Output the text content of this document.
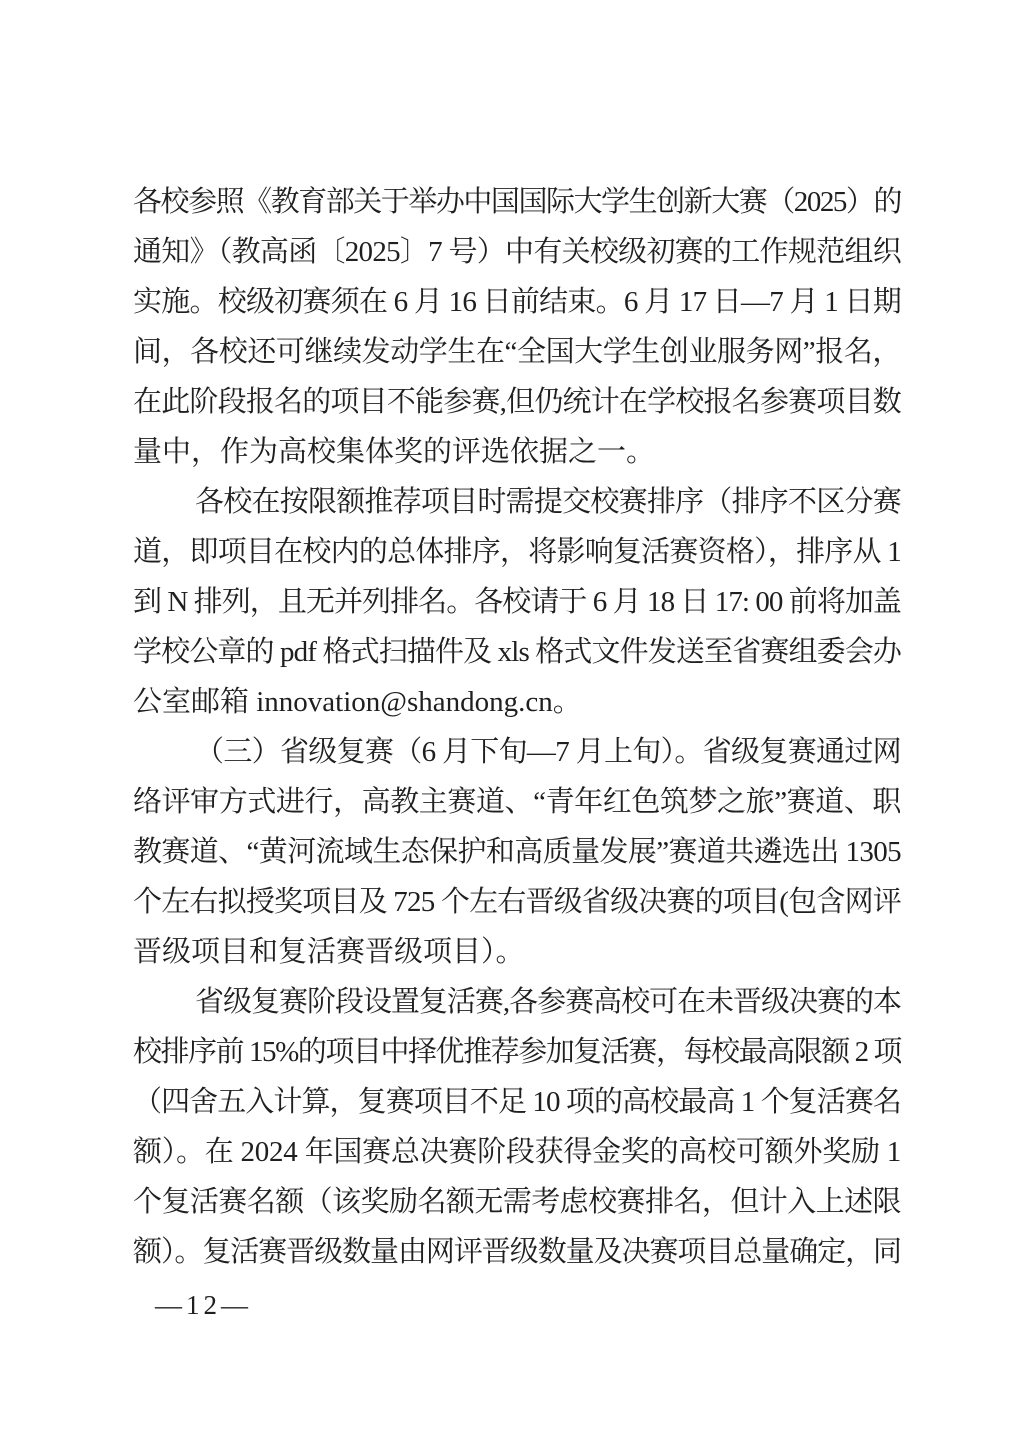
各校参照《教育部关于举办中国国际大学生创新大赛（2025）的
通知》（教高函〔2025〕7 号）中有关校级初赛的工作规范组织
实施。校级初赛须在 6 月 16 日前结束。6 月 17 日—7 月 1 日期
间，各校还可继续发动学生在“全国大学生创业服务网”报名，
在此阶段报名的项目不能参赛,但仍统计在学校报名参赛项目数
量中，作为高校集体奖的评选依据之一。
各校在按限额推荐项目时需提交校赛排序（排序不区分赛
道，即项目在校内的总体排序，将影响复活赛资格），排序从 1
到 N 排列，且无并列排名。各校请于 6 月 18 日 17: 00 前将加盖
学校公章的 pdf 格式扫描件及 xls 格式文件发送至省赛组委会办
公室邮箱 innovation@shandong.cn。
（三）省级复赛（6 月下旬—7 月上旬）。省级复赛通过网
络评审方式进行，高教主赛道、“青年红色筑梦之旅”赛道、职
教赛道、“黄河流域生态保护和高质量发展”赛道共遴选出 1305
个左右拟授奖项目及 725 个左右晋级省级决赛的项目(包含网评
晋级项目和复活赛晋级项目）。
省级复赛阶段设置复活赛,各参赛高校可在未晋级决赛的本
校排序前 15%的项目中择优推荐参加复活赛，每校最高限额 2 项
（四舍五入计算，复赛项目不足 10 项的高校最高 1 个复活赛名
额）。在 2024 年国赛总决赛阶段获得金奖的高校可额外奖励 1
个复活赛名额（该奖励名额无需考虑校赛排名，但计入上述限
额）。复活赛晋级数量由网评晋级数量及决赛项目总量确定，同
—12—
